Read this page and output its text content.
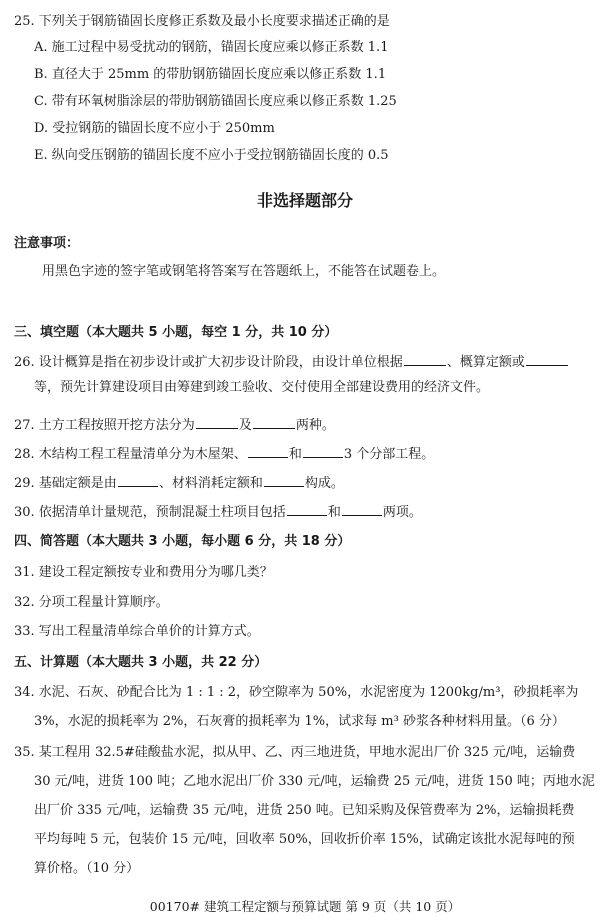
25. 下列关于钢筋锚固长度修正系数及最小长度要求描述正确的是
A. 施工过程中易受扰动的钢筋，锚固长度应乘以修正系数 1.1
B. 直径大于 25mm 的带肋钢筋锚固长度应乘以修正系数 1.1
C. 带有环氧树脂涂层的带肋钢筋锚固长度应乘以修正系数 1.25
D. 受拉钢筋的锚固长度不应小于 250mm
E. 纵向受压钢筋的锚固长度不应小于受拉钢筋锚固长度的 0.5
非选择题部分
注意事项：
用黑色字迹的签字笔或钢笔将答案写在答题纸上，不能答在试题卷上。
三、填空题（本大题共 5 小题，每空 1 分，共 10 分）
26. 设计概算是指在初步设计或扩大初步设计阶段，由设计单位根据	、概算定额或
等，预先计算建设项目由筹建到竣工验收、交付使用全部建设费用的经济文件。
27. 土方工程按照开挖方法分为	及	两种。
28. 木结构工程工程量清单分为木屋架、	和	3 个分部工程。
29. 基础定额是由	、材料消耗定额和	构成。
30. 依据清单计量规范，预制混凝土柱项目包括	和	两项。
四、简答题（本大题共 3 小题，每小题 6 分，共 18 分）
31. 建设工程定额按专业和费用分为哪几类？
32. 分项工程量计算顺序。
33. 写出工程量清单综合单价的计算方式。
五、计算题（本大题共 3 小题，共 22 分）
34. 水泥、石灰、砂配合比为 1 : 1 : 2，砂空隙率为 50%，水泥密度为 1200kg/m³，砂损耗率为
3%，水泥的损耗率为 2%，石灰膏的损耗率为 1%，试求每 m³ 砂浆各种材料用量。（6 分）
35. 某工程用 32.5#硅酸盐水泥，拟从甲、乙、丙三地进货，甲地水泥出厂价 325 元/吨，运输费
30 元/吨，进货 100 吨；乙地水泥出厂价 330 元/吨，运输费 25 元/吨，进货 150 吨；丙地水泥
出厂价 335 元/吨，运输费 35 元/吨，进货 250 吨。已知采购及保管费率为 2%，运输损耗费
平均每吨 5 元，包装价 15 元/吨，回收率 50%，回收折价率 15%，试确定该批水泥每吨的预
算价格。（10 分）
00170# 建筑工程定额与预算试题 第 9 页（共 10 页）
